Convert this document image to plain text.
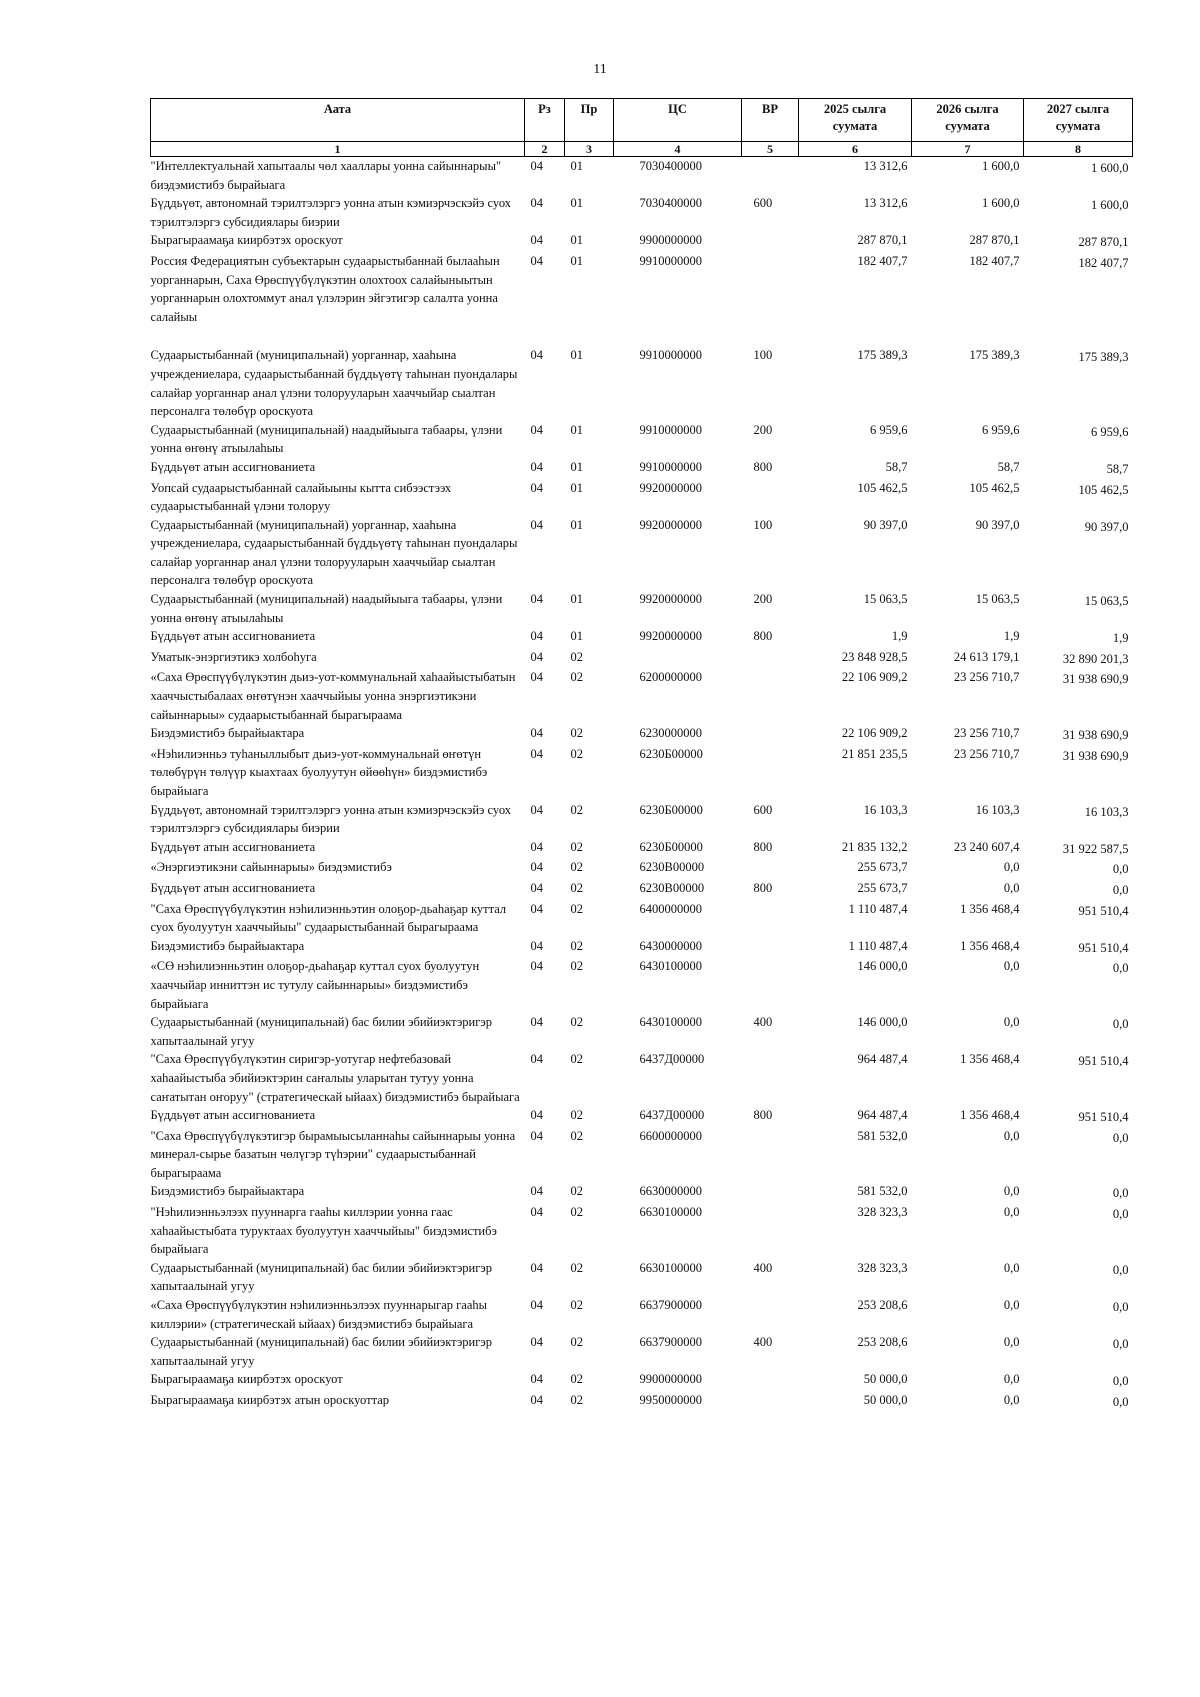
11
Аата	Рз	Пр	ЦС	ВР	2025 сылга суумата	2026 сылга суумата	2027 сылга суумата
1	2	3	4	5	6	7	8
"Интеллектуальнай хапытаалы чөл хааллары уонна сайыннарыы" биэдэмистибэ бырайыага	04	01	7030400000		13 312,6	1 600,0	1 600,0
Бүддьүөт, автономнай тэрилтэлэргэ уонна атын кэмиэрчэскэйэ суох тэрилтэлэргэ субсидиялары биэрии	04	01	7030400000	600	13 312,6	1 600,0	1 600,0
Бырагыраамаҕа киирбэтэх ороскуот	04	01	9900000000		287 870,1	287 870,1	287 870,1
Россия Федерациятын субъектарын судаарыстыбаннай былааһын уорганнарын, Саха Өрөспүүбүлүкэтин олохтоох салайыныытын уорганнарын олохтоммут анал үлэлэрин эйгэтигэр салалта уонна салайыы	04	01	9910000000		182 407,7	182 407,7	182 407,7

Судаарыстыбаннай (муниципальнай) уорганнар, хааһына учреждениелара, судаарыстыбаннай бүддьүөтү таһынан пуондалары салайар уорганнар анал үлэни толорууларын хааччыйар сыалтан персоналга төлөбүр ороскуота	04	01	9910000000	100	175 389,3	175 389,3	175 389,3
Судаарыстыбаннай (муниципальнай) наадыйыыга табаары, үлэни уонна өҥөнү атыылаһыы	04	01	9910000000	200	6 959,6	6 959,6	6 959,6
Бүддьүөт атын ассигнованиета	04	01	9910000000	800	58,7	58,7	58,7
Уопсай судаарыстыбаннай салайыыны кытта сибээстээх судаарыстыбаннай үлэни толоруу	04	01	9920000000		105 462,5	105 462,5	105 462,5
Судаарыстыбаннай (муниципальнай) уорганнар, хааһына учреждениелара, судаарыстыбаннай бүддьүөтү таһынан пуондалары салайар уорганнар анал үлэни толорууларын хааччыйар сыалтан персоналга төлөбүр ороскуота	04	01	9920000000	100	90 397,0	90 397,0	90 397,0
Судаарыстыбаннай (муниципальнай) наадыйыыга табаары, үлэни уонна өҥөнү атыылаһыы	04	01	9920000000	200	15 063,5	15 063,5	15 063,5
Бүддьүөт атын ассигнованиета	04	01	9920000000	800	1,9	1,9	1,9
Уматык-энэргиэтикэ холбоһуга	04	02			23 848 928,5	24 613 179,1	32 890 201,3
«Саха Өрөспүүбүлүкэтин дьиэ-уот-коммунальнай хаһаайыстыбатын хааччыстыбалаах өҥөтүнэн хааччыйыы уонна энэргиэтикэни сайыннарыы» судаарыстыбаннай бырагыраама	04	02	6200000000		22 106 909,2	23 256 710,7	31 938 690,9
Биэдэмистибэ бырайыактара	04	02	6230000000		22 106 909,2	23 256 710,7	31 938 690,9
«Нэһилиэнньэ туһаныллыбыт дьиэ-уот-коммунальнай өҥөтүн төлөбүрүн төлүүр кыахтаах буолуутун өйөөһүн» биэдэмистибэ бырайыага	04	02	6230Б00000		21 851 235,5	23 256 710,7	31 938 690,9
Бүддьүөт, автономнай тэрилтэлэргэ уонна атын кэмиэрчэскэйэ суох тэрилтэлэргэ субсидиялары биэрии	04	02	6230Б00000	600	16 103,3	16 103,3	16 103,3
Бүддьүөт атын ассигнованиета	04	02	6230Б00000	800	21 835 132,2	23 240 607,4	31 922 587,5
«Энэргиэтикэни сайыннарыы» биэдэмистибэ	04	02	6230В00000		255 673,7	0,0	0,0
Бүддьүөт атын ассигнованиета	04	02	6230В00000	800	255 673,7	0,0	0,0
"Саха Өрөспүүбүлүкэтин нэһилиэнньэтин олоҕор-дьаһаҕар куттал суох буолуутун хааччыйыы" судаарыстыбаннай бырагыраама	04	02	6400000000		1 110 487,4	1 356 468,4	951 510,4
Биэдэмистибэ бырайыактара	04	02	6430000000		1 110 487,4	1 356 468,4	951 510,4
«СӨ нэһилиэнньэтин олоҕор-дьаһаҕар куттал суох буолуутун хааччыйар инниттэн ис тутулу сайыннарыы» биэдэмистибэ бырайыага	04	02	6430100000		146 000,0	0,0	0,0
Судаарыстыбаннай (муниципальнай) бас билии эбийиэктэригэр хапытаалынай угуу	04	02	6430100000	400	146 000,0	0,0	0,0
"Саха Өрөспүүбүлүкэтин сиригэр-уотугар нефтебазовай хаһаайыстыба эбийиэктэрин саҥалыы уларытан тутуу уонна саҥатытан оҥоруу" (стратегическай ыйаах) биэдэмистибэ бырайыага	04	02	6437Д00000		964 487,4	1 356 468,4	951 510,4
Бүддьүөт атын ассигнованиета	04	02	6437Д00000	800	964 487,4	1 356 468,4	951 510,4
"Саха Өрөспүүбүлүкэтигэр бырамыысыланнаһы сайыннарыы уонна минерал-сырье базатын чөлүгэр түһэрии" судаарыстыбаннай бырагыраама	04	02	6600000000		581 532,0	0,0	0,0
Биэдэмистибэ бырайыактара	04	02	6630000000		581 532,0	0,0	0,0
"Нэһилиэнньэлээх пууннарга гааһы киллэрии уонна гаас хаһаайыстыбата туруктаах буолуутун хааччыйыы" биэдэмистибэ бырайыага	04	02	6630100000		328 323,3	0,0	0,0
Судаарыстыбаннай (муниципальнай) бас билии эбийиэктэригэр хапытаалынай угуу	04	02	6630100000	400	328 323,3	0,0	0,0
«Саха Өрөспүүбүлүкэтин нэһилиэнньэлээх пууннарыгар гааһы киллэрии» (стратегическай ыйаах) биэдэмистибэ бырайыага	04	02	6637900000		253 208,6	0,0	0,0
Судаарыстыбаннай (муниципальнай) бас билии эбийиэктэригэр хапытаалынай угуу	04	02	6637900000	400	253 208,6	0,0	0,0
Бырагыраамаҕа киирбэтэх ороскуот	04	02	9900000000		50 000,0	0,0	0,0
Бырагыраамаҕа киирбэтэх атын ороскуоттар	04	02	9950000000		50 000,0	0,0	0,0
